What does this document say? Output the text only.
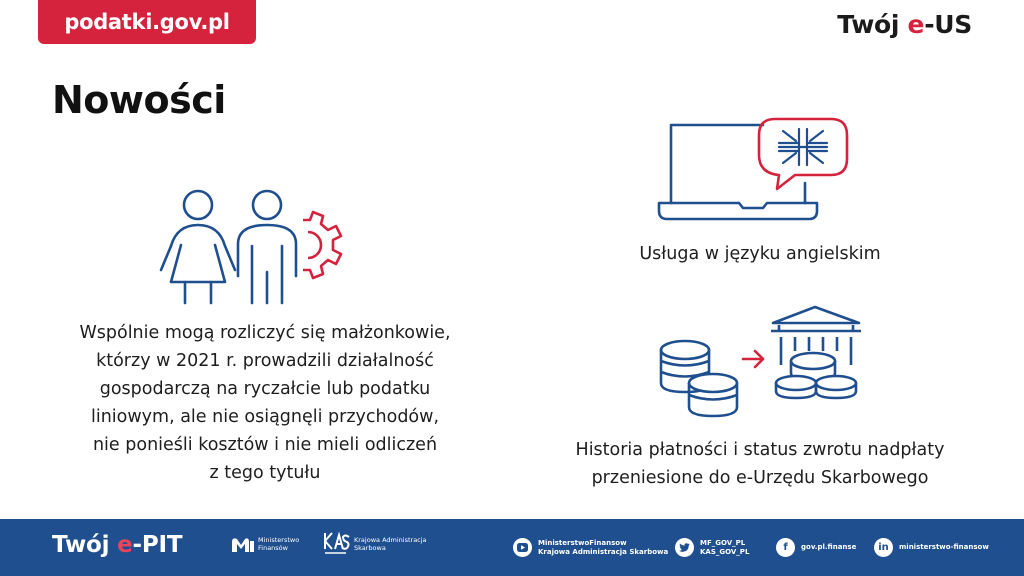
podatki.gov.pl	Twój e-US
Nowości

Wspólnie mogą rozliczyć się małżonkowie,

którzy w 2021 r. prowadzili działalność

gospodarczą na ryczałcie lub podatku

liniowym, ale nie osiągnęli przychodów,

nie ponieśli kosztów i nie mieli odliczeń

z tego tytułu

Usługa w języku angielskim

Historia płatności i status zwrotu nadpłaty

przeniesione do e-Urzędu Skarbowego

Twój e-PIT	Ministerstwo
Finansów
Krajowa Administracja
Skarbowa
MinisterstwoFinansow
Krajowa Administracja Skarbowa
MF_GOV_PL
KAS_GOV_PL	f	gov.pl.finanse	in	ministerstwo-finansow
